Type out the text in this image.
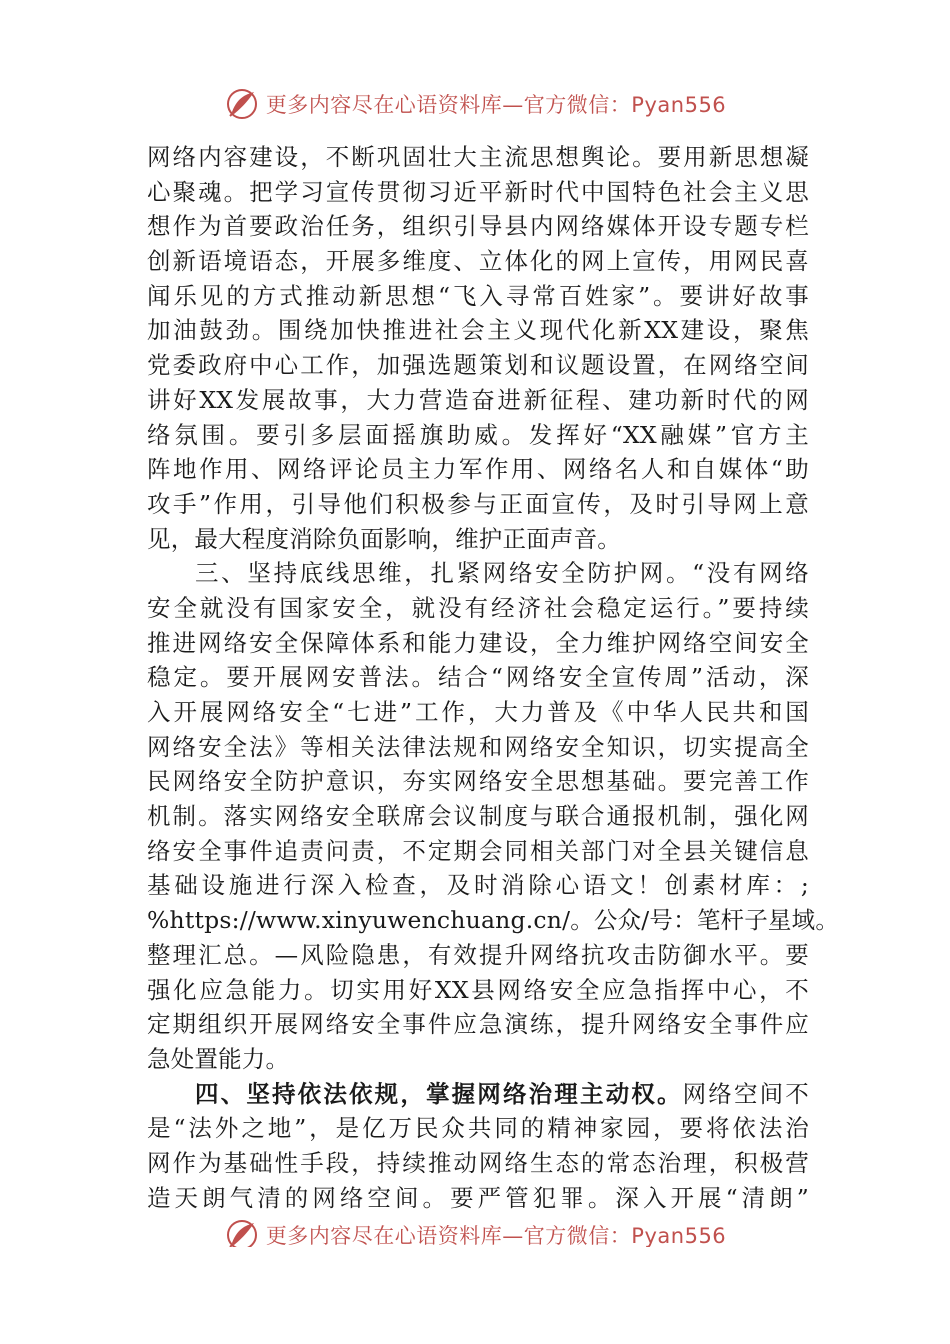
更多内容尽在心语资料库—官方微信：Pyan556
网络内容建设，不断巩固壮大主流思想舆论。要用新思想凝
心聚魂。把学习宣传贯彻习近平新时代中国特色社会主义思
想作为首要政治任务，组织引导县内网络媒体开设专题专栏
创新语境语态，开展多维度、立体化的网上宣传，用网民喜
闻乐见的方式推动新思想“飞入寻常百姓家”。要讲好故事
加油鼓劲。围绕加快推进社会主义现代化新XX建设，聚焦
党委政府中心工作，加强选题策划和议题设置，在网络空间
讲好XX发展故事，大力营造奋进新征程、建功新时代的网
络氛围。要引多层面摇旗助威。发挥好“XX融媒”官方主
阵地作用、网络评论员主力军作用、网络名人和自媒体“助
攻手”作用，引导他们积极参与正面宣传，及时引导网上意
见，最大程度消除负面影响，维护正面声音。
三、坚持底线思维，扎紧网络安全防护网。“没有网络
安全就没有国家安全，就没有经济社会稳定运行。”要持续
推进网络安全保障体系和能力建设，全力维护网络空间安全
稳定。要开展网安普法。结合“网络安全宣传周”活动，深
入开展网络安全“七进”工作，大力普及《中华人民共和国
网络安全法》等相关法律法规和网络安全知识，切实提高全
民网络安全防护意识，夯实网络安全思想基础。要完善工作
机制。落实网络安全联席会议制度与联合通报机制，强化网
络安全事件追责问责，不定期会同相关部门对全县关键信息
基础设施进行深入检查，及时消除心语文！创素材库：;
%https://www.xinyuwenchuang.cn/。公众/号：笔杆子星域。
整理汇总。—风险隐患，有效提升网络抗攻击防御水平。要
强化应急能力。切实用好XX县网络安全应急指挥中心，不
定期组织开展网络安全事件应急演练，提升网络安全事件应
急处置能力。
四、坚持依法依规，掌握网络治理主动权。网络空间不
是“法外之地”，是亿万民众共同的精神家园，要将依法治
网作为基础性手段，持续推动网络生态的常态治理，积极营
造天朗气清的网络空间。要严管犯罪。深入开展“清朗”
更多内容尽在心语资料库—官方微信：Pyan556
